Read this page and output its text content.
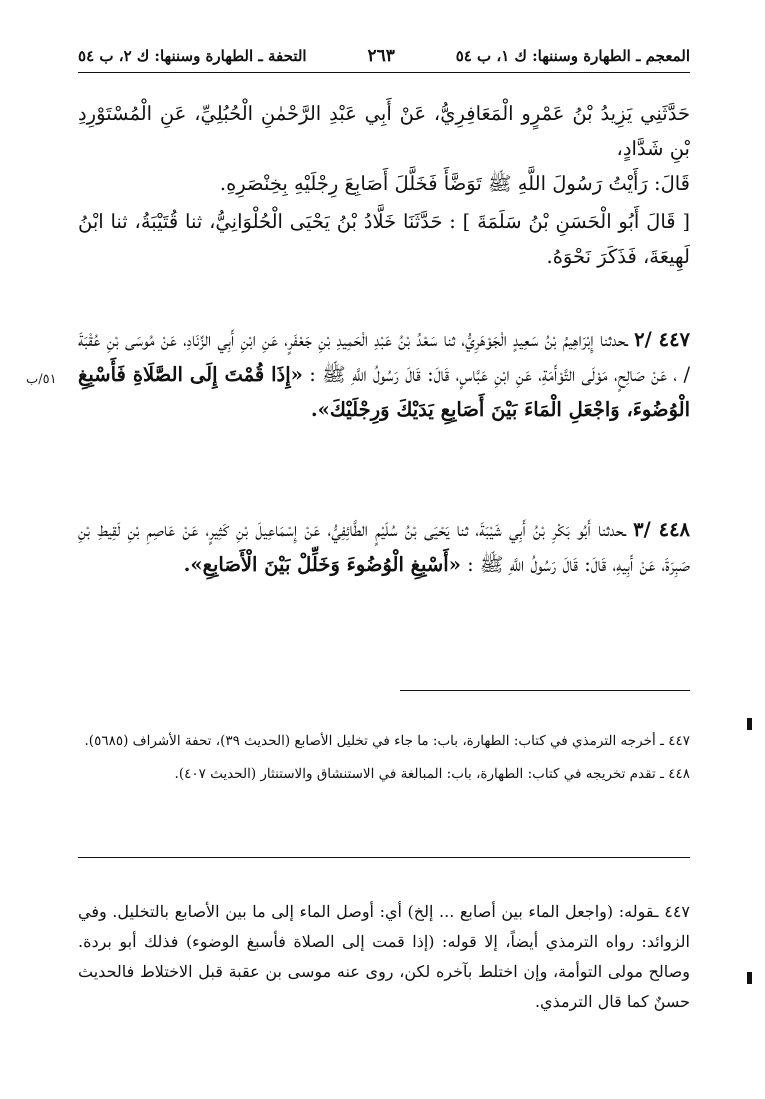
المعجم ـ الطهارة وسننها: ك ١، ب ٥٤
٢٦٣
التحفة ـ الطهارة وسننها: ك ٢، ب ٥٤

حَدَّثَنِي يَزِيدُ بْنُ عَمْرٍو الْمَعَافِرِيُّ، عَنْ أَبِي عَبْدِ الرَّحْمٰنِ الْحُبُلِيِّ، عَنِ الْمُسْتَوْرِدِ بْنِ شَدَّادٍ،

قَالَ: رَأَيْتُ رَسُولَ اللَّهِ ﷺ تَوَضَّأَ فَخَلَّلَ أَصَابِعَ رِجْلَيْهِ بِخِنْصَرِهِ.

[ قَالَ أَبُو الْحَسَنِ بْنُ سَلَمَةَ ] : حَدَّثَنَا خَلَّادُ بْنُ يَحْيَى الْحُلْوَانِيُّ، ثنا قُتَيْبَةُ، ثنا ابْنُ لَهِيعَةَ، فَذَكَرَ نَحْوَهُ.

٤٤٧ /٢ ـحدثنا إِبْرَاهِيمُ بْنُ سَعِيدٍ الْجَوْهَرِيُّ، ثنا سَعْدُ بْنُ عَبْدِ الْحَمِيدِ بْنِ جَعْفَرٍ، عَنِ ابْنِ أَبِي الزِّنَادِ، عَنْ مُوسَى بْنِ عُقْبَةَ / ، عَنْ صَالِحٍ، مَوْلَى التَّوْأَمَةِ، عَنِ ابْنِ عَبَّاسٍ، قَالَ: قَالَ رَسُولُ اللَّهِ ﷺ : «إِذَا قُمْتَ إِلَى الصَّلَاةِ فَأَسْبِغِ الْوُضُوءَ، وَاجْعَلِ الْمَاءَ بَيْنَ أَصَابِعِ يَدَيْكَ وَرِجْلَيْكَ».

٥١/ب

٤٤٨ /٣ ـحدثنا أَبُو بَكْرِ بْنُ أَبِي شَيْبَةَ، ثنا يَحْيَى بْنُ سُلَيْمٍ الطَّائِفِيُّ، عَنْ إِسْمَاعِيلَ بْنِ كَثِيرٍ، عَنْ عَاصِمِ بْنِ لَقِيطِ بْنِ صَبِرَةَ، عَنْ أَبِيهِ، قَالَ: قَالَ رَسُولُ اللَّهِ ﷺ : «أَسْبِغِ الْوُضُوءَ وَخَلِّلْ بَيْنَ الْأَصَابِعِ».

٤٤٧ ـ أخرجه الترمذي في كتاب: الطهارة، باب: ما جاء في تخليل الأصابع (الحديث ٣٩)، تحفة الأشراف (٥٦٨٥).

٤٤٨ ـ تقدم تخريجه في كتاب: الطهارة، باب: المبالغة في الاستنشاق والاستنثار (الحديث ٤٠٧).

٤٤٧ ـقوله: (واجعل الماء بين أصابع ... إلخ) أي: أوصل الماء إلى ما بين الأصابع بالتخليل. وفي الزوائد: رواه الترمذي أيضاً، إلا قوله: (إذا قمت إلى الصلاة فأسبغ الوضوء) فذلك أبو بردة. وصالح مولى التوأمة، وإن اختلط بآخره لكن، روى عنه موسى بن عقبة قبل الاختلاط فالحديث حسنٌ كما قال الترمذي.
